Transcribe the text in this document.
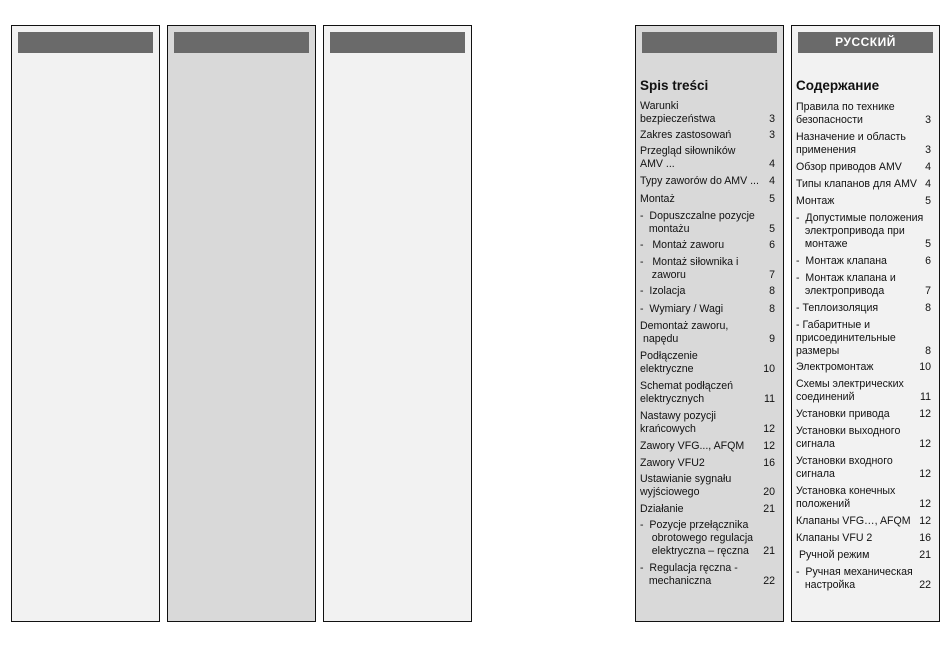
Spis treści
Warunki
bezpieczeństwa	3
Zakres zastosowań	3
Przegląd siłowników
AMV ...	4
Typy zaworów do AMV ... 4
Montaż	5
-  Dopuszczalne pozycje
montażu	5
-   Montaż zaworu	6
-   Montaż siłownika i
zaworu	7
-  Izolacja	8
-  Wymiary / Wagi	8
Demontaż zaworu,
napędu	9
Podłączenie
elektryczne	10
Schemat podłączeń
elektrycznych	11
Nastawy pozycji
krańcowych	12
Zawory VFG..., AFQM	12
Zawory VFU2	16
Ustawianie sygnału
wyjściowego	20
Działanie	21
-  Pozycje przełącznika
obrotowego regulacja
elektryczna – ręczna	21
-  Regulacja ręczna -
mechaniczna	22
РУССКИЙ
Содержание
Правила по технике
безопасности	3
Назначение и область
применения	3
Обзор приводов AMV	4
Типы клапанов для AMV 4
Монтаж	5
-  Допустимые положения
электропривода при
монтаже	5
-  Монтаж клапана	6
-  Монтаж клапана и
электропривода	7
- Теплоизоляция	8
- Габаритные и
присоединительные
размеры	8
Электромонтаж	10
Схемы электрических
соединений	11
Установки привода	12
Установки выходного
сигнала	12
Установки входного
сигнала	12
Установка конечных
положений	12
Клапаны VFG…, AFQM 12
Клапаны VFU 2	16
Ручной режим	21
-  Ручная механическая
настройка	22
